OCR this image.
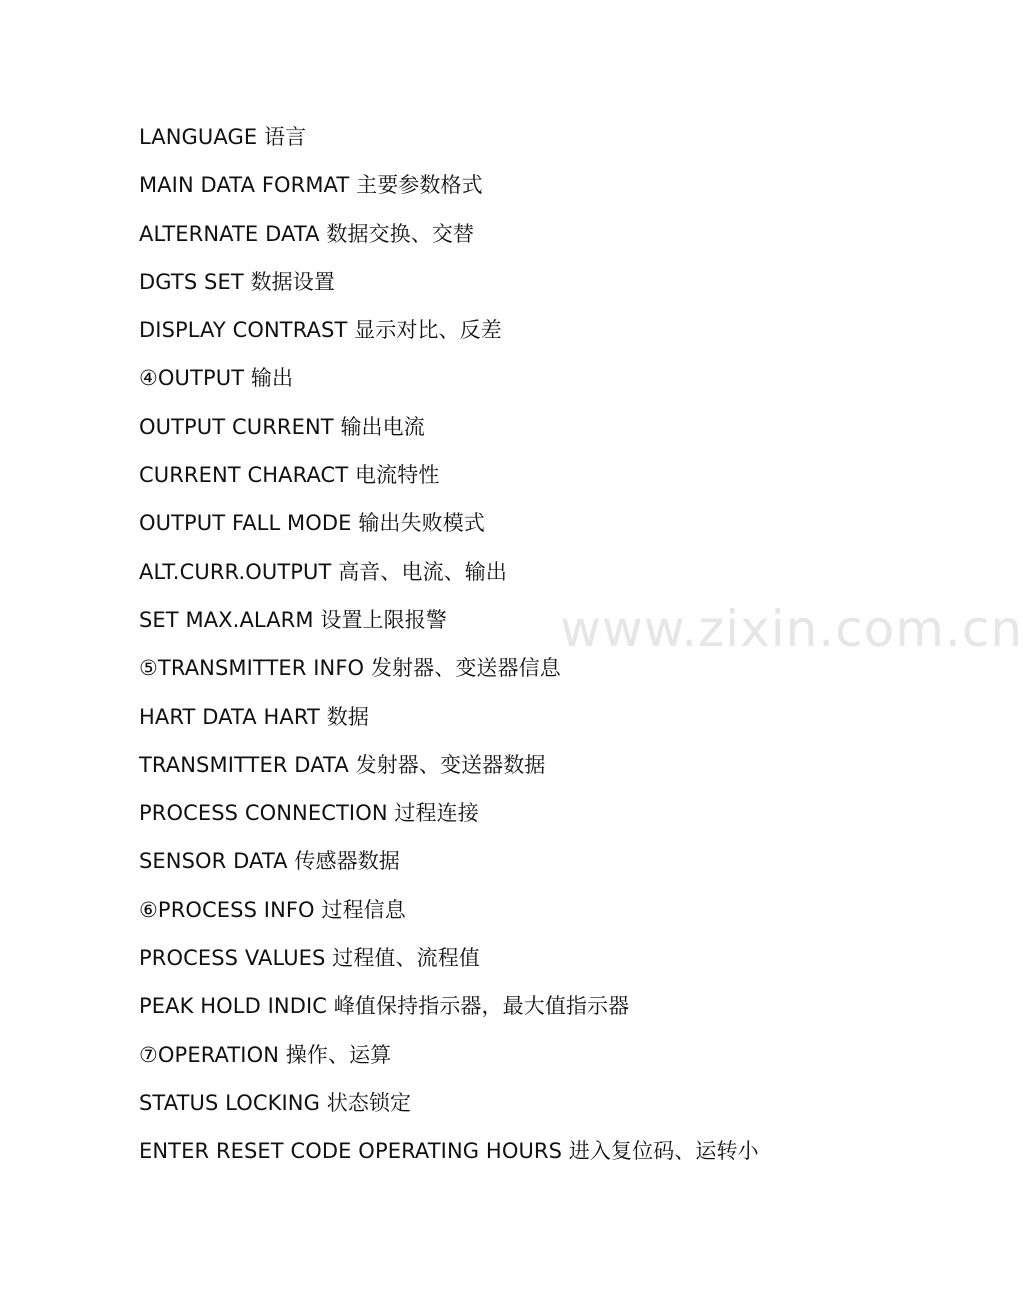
www.zixin.com.cn
LANGUAGE 语言
MAIN DATA FORMAT 主要参数格式
ALTERNATE DATA 数据交换、交替
DGTS SET 数据设置
DISPLAY CONTRAST 显示对比、反差
④OUTPUT 输出
OUTPUT CURRENT 输出电流
CURRENT CHARACT 电流特性
OUTPUT FALL MODE 输出失败模式
ALT.CURR.OUTPUT 高音、电流、输出
SET MAX.ALARM 设置上限报警
⑤TRANSMITTER INFO 发射器、变送器信息
HART DATA HART 数据
TRANSMITTER DATA 发射器、变送器数据
PROCESS CONNECTION 过程连接
SENSOR DATA 传感器数据
⑥PROCESS INFO 过程信息
PROCESS VALUES 过程值、流程值
PEAK HOLD INDIC 峰值保持指示器，最大值指示器
⑦OPERATION 操作、运算
STATUS LOCKING 状态锁定
ENTER RESET CODE OPERATING HOURS 进入复位码、运转小
